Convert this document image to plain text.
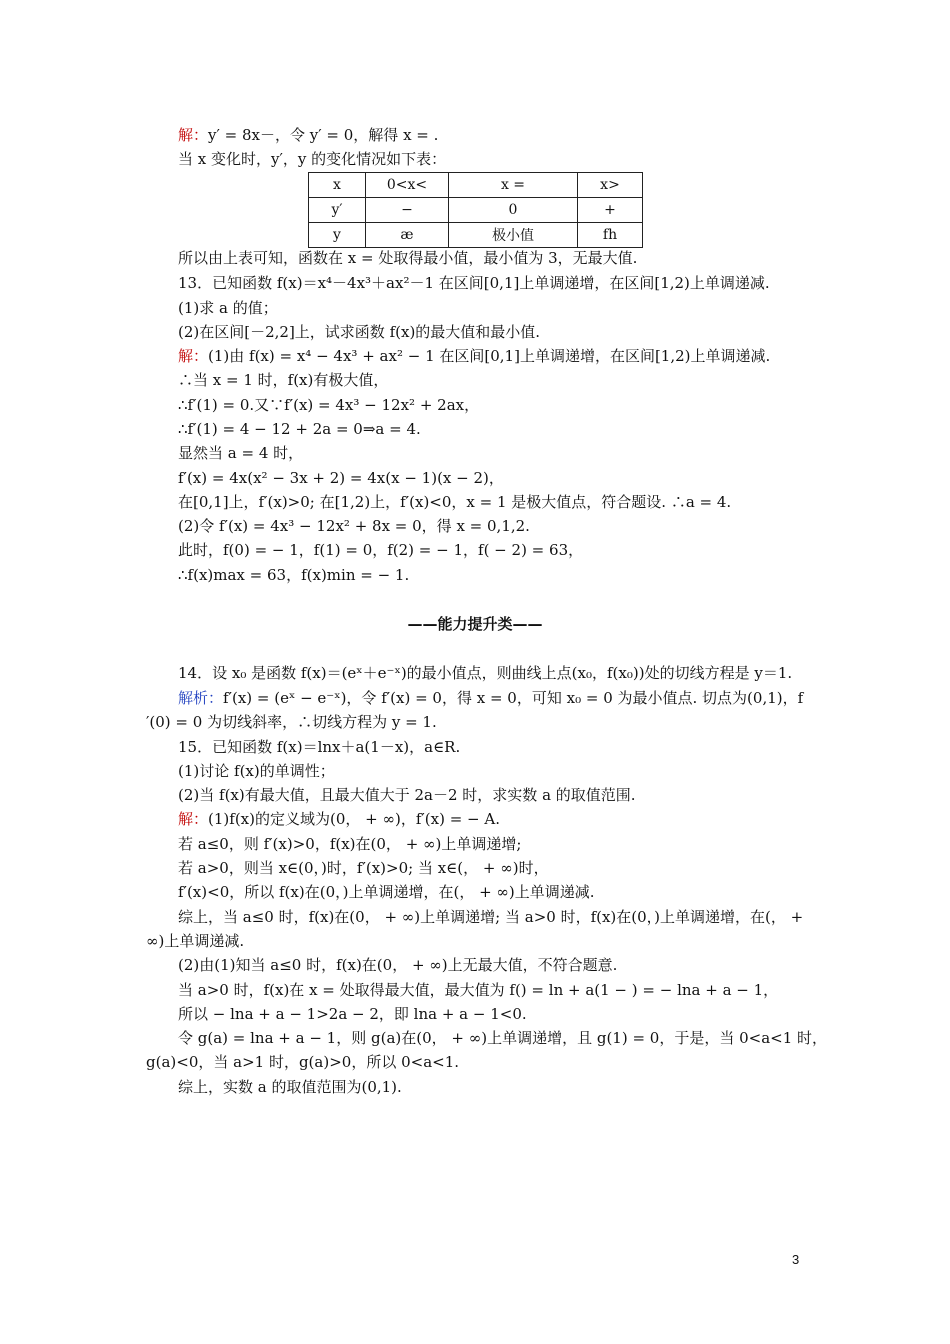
解：y′ = 8x－，令 y′ = 0，解得 x = .
当 x 变化时，y′，y 的变化情况如下表：
x	0<x<	x =	x>
y′	−	0	+
y	æ	极小值	fh
所以由上表可知，函数在 x = 处取得最小值，最小值为 3，无最大值.
13．已知函数 f(x)＝x⁴－4x³＋ax²－1 在区间[0,1]上单调递增，在区间[1,2)上单调递减.
(1)求 a 的值；
(2)在区间[－2,2]上，试求函数 f(x)的最大值和最小值.
解：(1)由 f(x) = x⁴ − 4x³ + ax² − 1 在区间[0,1]上单调递增，在区间[1,2)上单调递减.
∴当 x = 1 时，f(x)有极大值，
∴f′(1) = 0.又∵f′(x) = 4x³ − 12x² + 2ax，
∴f′(1) = 4 − 12 + 2a = 0⇒a = 4.
显然当 a = 4 时，
f′(x) = 4x(x² − 3x + 2) = 4x(x − 1)(x − 2)，
在[0,1]上，f′(x)>0; 在[1,2)上，f′(x)<0，x = 1 是极大值点，符合题设. ∴a = 4.
(2)令 f′(x) = 4x³ − 12x² + 8x = 0，得 x = 0,1,2.
此时，f(0) = − 1，f(1) = 0，f(2) = − 1，f( − 2) = 63，
∴f(x)max = 63，f(x)min = − 1.
——能力提升类——
14．设 x₀ 是函数 f(x)＝(eˣ＋e⁻ˣ)的最小值点，则曲线上点(x₀，f(x₀))处的切线方程是 y＝1.
解析：f′(x) = (eˣ − e⁻ˣ)，令 f′(x) = 0，得 x = 0，可知 x₀ = 0 为最小值点. 切点为(0,1)，f
′(0) = 0 为切线斜率，∴切线方程为 y = 1.
15．已知函数 f(x)＝lnx＋a(1－x)，a∈R.
(1)讨论 f(x)的单调性；
(2)当 f(x)有最大值，且最大值大于 2a－2 时，求实数 a 的取值范围.
解：(1)f(x)的定义域为(0， + ∞)，f′(x) = − A.
若 a≤0，则 f′(x)>0，f(x)在(0， + ∞)上单调递增;
若 a>0，则当 x∈(0，)时，f′(x)>0; 当 x∈(， + ∞)时，
f′(x)<0，所以 f(x)在(0，)上单调递增，在(， + ∞)上单调递减.
综上，当 a≤0 时，f(x)在(0， + ∞)上单调递增; 当 a>0 时，f(x)在(0，)上单调递增，在(， +
∞)上单调递减.
(2)由(1)知当 a≤0 时，f(x)在(0， + ∞)上无最大值，不符合题意.
当 a>0 时，f(x)在 x = 处取得最大值，最大值为 f() = ln + a(1 − ) = − lna + a − 1，
所以 − lna + a − 1>2a − 2，即 lna + a − 1<0.
令 g(a) = lna + a − 1，则 g(a)在(0， + ∞)上单调递增，且 g(1) = 0，于是，当 0<a<1 时，
g(a)<0，当 a>1 时，g(a)>0，所以 0<a<1.
综上，实数 a 的取值范围为(0,1).
3
